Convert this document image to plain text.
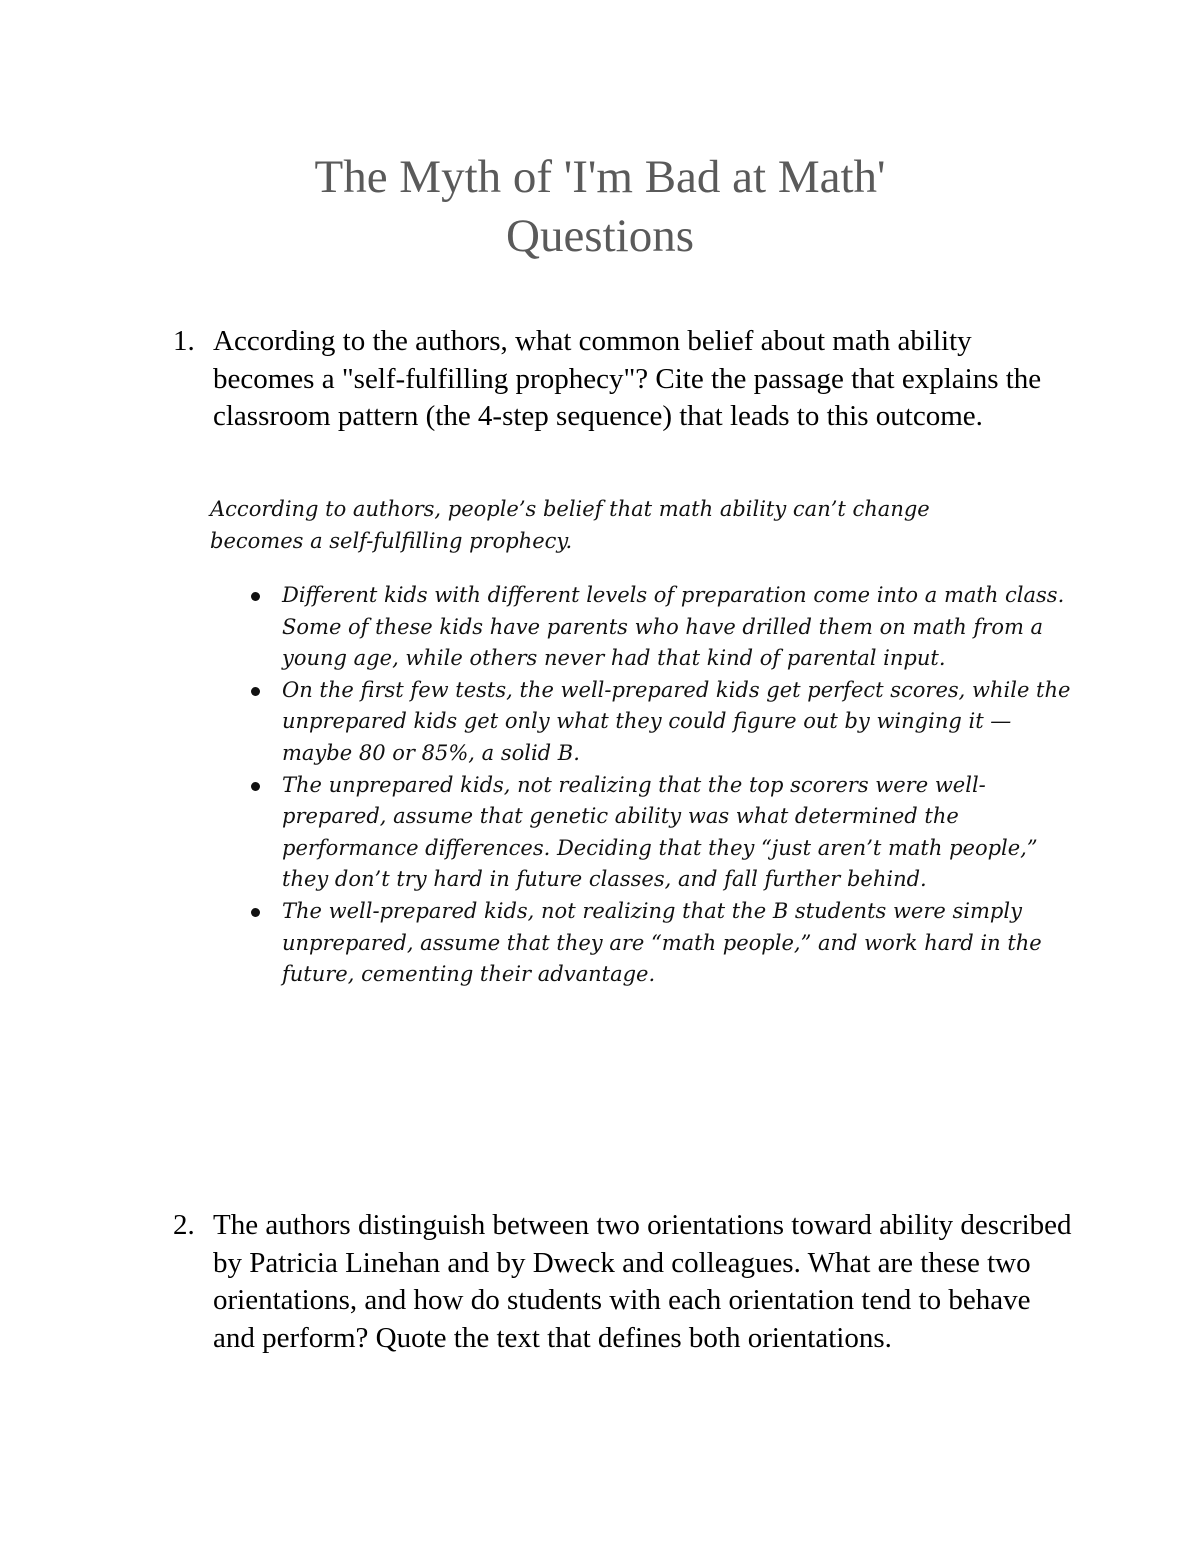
The Myth of 'I'm Bad at Math'
Questions
1. According to the authors, what common belief about math ability becomes a "self-fulfilling prophecy"? Cite the passage that explains the classroom pattern (the 4-step sequence) that leads to this outcome.
According to authors, people’s belief that math ability can’t change becomes a self-fulfilling prophecy.
Different kids with different levels of preparation come into a math class. Some of these kids have parents who have drilled them on math from a young age, while others never had that kind of parental input.
On the first few tests, the well-prepared kids get perfect scores, while the unprepared kids get only what they could figure out by winging it —maybe 80 or 85%, a solid B.
The unprepared kids, not realizing that the top scorers were well-prepared, assume that genetic ability was what determined the performance differences. Deciding that they “just aren’t math people,” they don’t try hard in future classes, and fall further behind.
The well-prepared kids, not realizing that the B students were simply unprepared, assume that they are “math people,” and work hard in the future, cementing their advantage.
2. The authors distinguish between two orientations toward ability described by Patricia Linehan and by Dweck and colleagues. What are these two orientations, and how do students with each orientation tend to behave and perform? Quote the text that defines both orientations.
